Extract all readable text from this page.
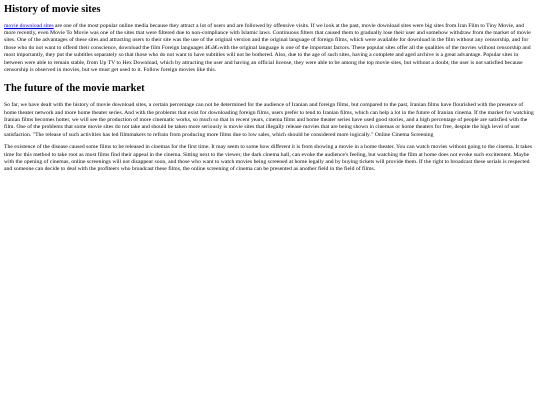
History of movie sites

movie download sites are one of the most popular online media because they attract a lot of users and are followed by offensive visits. If we look at the past, movie download sites were big sites from Iran Film to Tiny Movie, and more recently, even Movie To Movie was one of the sites that were filtered due to non-compliance with Islamic laws. Continuous filters that caused them to gradually lose their user and somehow withdraw from the market of movie sites. One of the advantages of these sites and attracting users to their site was the use of the original version and the original language of foreign films, which were available for download in the film without any censorship, and for those who do not want to offend their conscience, download the film Foreign languages â€‹â€‹with the original language is one of the important factors. These popular sites offer all the qualities of the movies without censorship and most importantly, they put the subtitles separately so that those who do not want to have subtitles will not be bothered. Also, due to the age of such sites, having a complete and aged archive is a great advantage. Popular sites in between were able to remain stable, from Up TV to Hex Download, which by attracting the user and having an official license, they were able to be among the top movie sites, but without a doubt, the user is not satisfied because censorship is observed in movies, but we must get used to it. Follow foreign movies like this.

The future of the movie market

So far, we have dealt with the history of movie download sites, a certain percentage can not be determined for the audience of Iranian and foreign films, but compared to the past, Iranian films have flourished with the presence of home theater network and more home theater series. And with the problems that exist for downloading foreign films, users prefer to tend to Iranian films, which can help a lot in the future of Iranian cinema. If the market for watching Iranian films becomes hotter, we will see the production of more cinematic works, so much so that in recent years, cinema films and home theater series have used good stories, and a high percentage of people are satisfied with the film. One of the problems that some movie sites do not take and should be taken more seriously is movie sites that illegally release movies that are being shown in cinemas or home theaters for free, despite the high level of user satisfaction. "The release of such activities has led filmmakers to refrain from producing more films due to low sales, which should be considered more logically." Online Cinema Screening

The existence of the disease caused some films to be released in cinemas for the first time. It may seem to some how different it is from showing a movie in a home theater. You can watch movies without going to the cinema. It takes time for this method to take root as most films find their appeal in the cinema. Sitting next to the viewer, the dark cinema hall, can evoke the audience's feeling, but watching the film at home does not evoke such excitement. Maybe with the opening of cinemas, online screenings will not disappear soon, and those who want to watch movies being screened at home legally and by buying tickets will provide them. If the right to broadcast these serials is respected and someone can decide to deal with the profiteers who broadcast these films, the online screening of cinema can be presented as another field in the field of films.
